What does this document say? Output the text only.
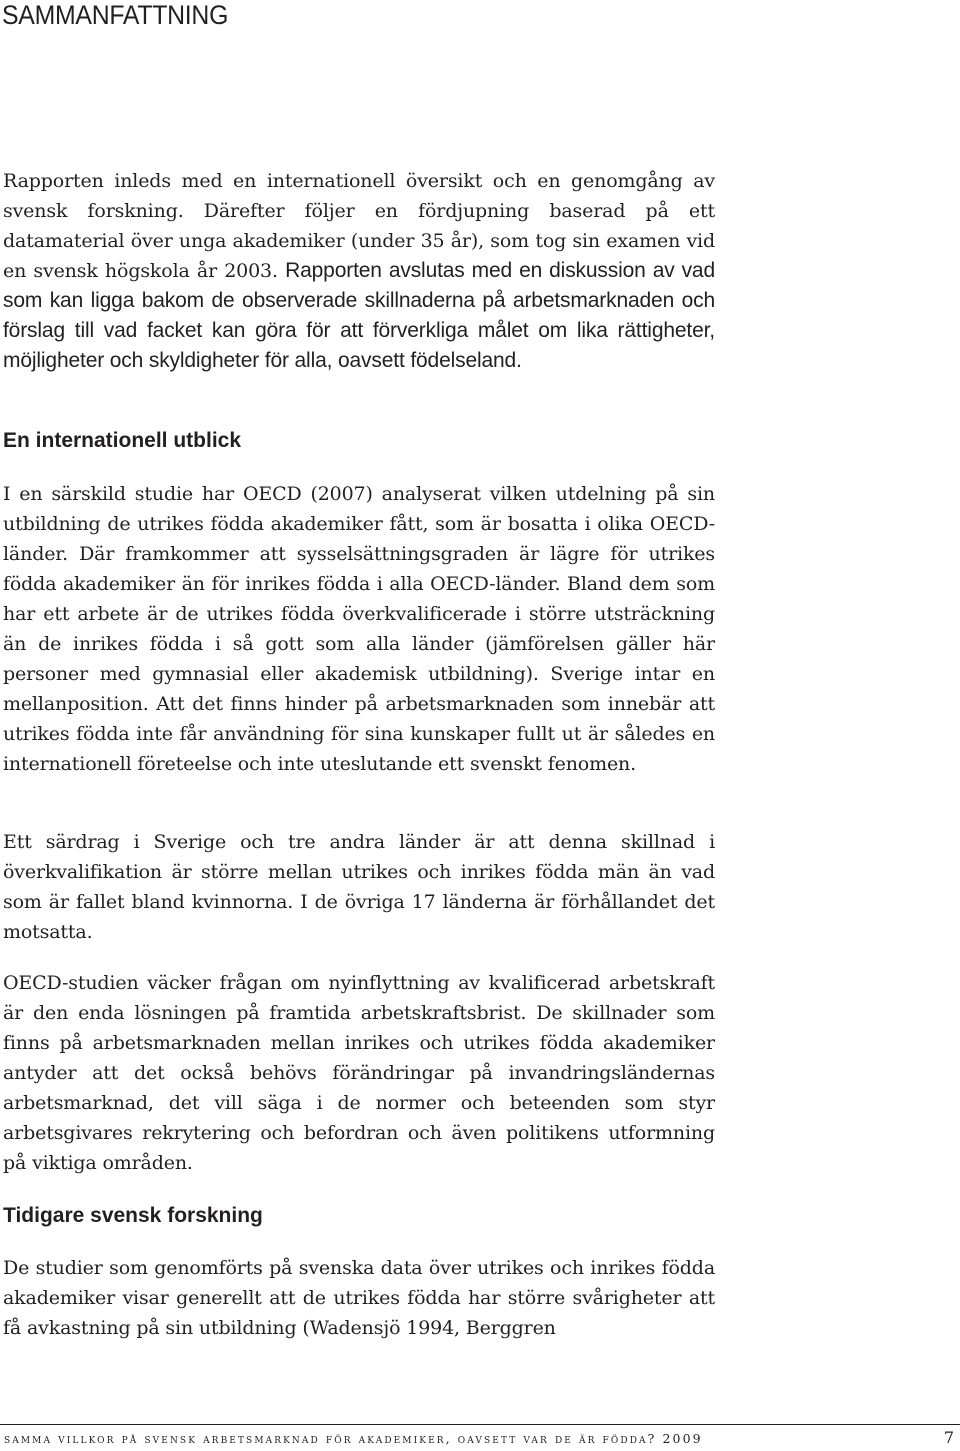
SAMMANFATTNING

Rapporten inleds med en internationell översikt och en genomgång av svensk forskning. Därefter följer en fördjupning baserad på ett datamaterial över unga akademiker (under 35 år), som tog sin examen vid en svensk högskola år 2003. Rapporten avslutas med en diskussion av vad som kan ligga bakom de observerade skillnaderna på arbetsmarknaden och förslag till vad facket kan göra för att förverkliga målet om lika rättigheter, möjligheter och skyldigheter för alla, oavsett födelseland.

En internationell utblick

I en särskild studie har OECD (2007) analyserat vilken utdelning på sin utbildning de utrikes födda akademiker fått, som är bosatta i olika OECD-länder. Där framkommer att sysselsättningsgraden är lägre för utrikes födda akademiker än för inrikes födda i alla OECD-länder. Bland dem som har ett arbete är de utrikes födda överkvalificerade i större utsträckning än de inrikes födda i så gott som alla länder (jämförelsen gäller här personer med gymnasial eller akademisk utbildning). Sverige intar en mellanposition. Att det finns hinder på arbetsmarknaden som innebär att utrikes födda inte får användning för sina kunskaper fullt ut är således en internationell företeelse och inte uteslutande ett svenskt fenomen.

Ett särdrag i Sverige och tre andra länder är att denna skillnad i överkvalifikation är större mellan utrikes och inrikes födda män än vad som är fallet bland kvinnorna. I de övriga 17 länderna är förhållandet det motsatta.

OECD-studien väcker frågan om nyinflyttning av kvalificerad arbetskraft är den enda lösningen på framtida arbetskraftsbrist. De skillnader som finns på arbetsmarknaden mellan inrikes och utrikes födda akademiker antyder att det också behövs förändringar på invandringsländernas arbetsmarknad, det vill säga i de normer och beteenden som styr arbetsgivares rekrytering och befordran och även politikens utformning på viktiga områden.

Tidigare svensk forskning

De studier som genomförts på svenska data över utrikes och inrikes födda akademiker visar generellt att de utrikes födda har större svårigheter att få avkastning på sin utbildning (Wadensjö 1994, Berggren

samma villkor på svensk arbetsmarknad för akademiker, oavsett var de är födda? 2009	7
